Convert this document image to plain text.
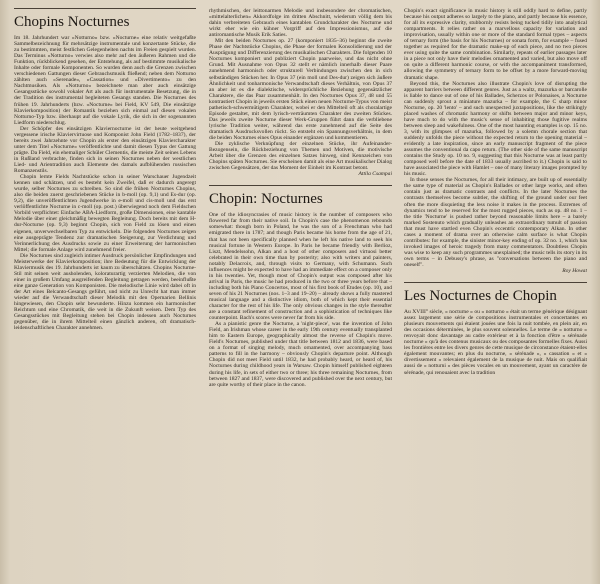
Chopins Nocturnes

Im 18. Jahrhundert war »Notturno« bzw. »Nocturne« eine relativ weitgefaßte Sammelbezeichnung für mehrsätzige instrumentale und konzertante Stücke, die zu bestimmten, meist festlichen Gelegenheiten nachts im Freien gespielt wurden. Das Terminus »Notturno« verwies also mehr auf den äußeren Rahmen und die Funktion, rückblickend gesehen, der Entstehung, als auf bestimmte musikalische Inhalte oder formale Komponenten. So wurden denn auch die Grenzen zwischen verschiedenen Gattungen dieser Gebrauchsmusik fließend; neben dem Notturno zählten auch »Serenade«, »Cassation« und »Divertimento« zu den Nachtmusiken. Als »Notturno« bezeichnete man aber auch einsätzige Gesangsstücke sowohl vokaler Art als auch für instrumentale Besetzung, die in der Tradition des instrumental begleiteten Gesangs standen. Die Nocturnes des frühen 19. Jahrhunderts (bzw. »Nocturne« bei Field, KV 549, Die einsätzige Klavierkomposition) der Romantik beziehen sich einmal auf diesen vokalen Notturno-Typ bzw. überhaupt auf die vokale Lyrik, die sich in der sogenannten Liedform niederschlug.

Der Schöpfer des einsätzigen Klaviernocturne ist der heute weitgehend vergessene irische Klaviervirtuose und Komponist John Field (1782–1837), der bereits zwei Jahrzehnte vor Chopin als erster den einsätzigen Klaviercharakter unter dem Titel »Nocturne« veröffentlichte und damit diesen Typus der Gattung prägte. Da Field, ein ehemaliger Schüler Clementis, die meiste Zeit seines Lebens in Rußland verbrachte, finden sich in seinen Nocturnes neben der westlichen Lied- und Arientradition auch Elemente des damals aufblühenden russischen Romanzenstils.

Chopin lernte Fields Nachtstücke schon in seiner Warschauer Jugendzeit kennen und schätzen, und es besteht kein Zweifel, daß er dadurch angeregt wurde, selber Nocturnes zu schreiben. So sind die frühen Nocturnes Chopins, also die beiden zuerst geschriebenen Stücke in b-moll (op. 9,1) und Es-dur (op. 9,2), die unveröffentlichten Jugendwerke in e-moll und cis-moll und das erst verlöffentlichte Nocturne in c-moll (op. post.) überwiegend noch dem Fieldschen Vorbild verpflichtet: Einfache ABA-Liedform, große Dimensionen, eine kantable Melodie über einer gleichmäßig bewegten Begleitung. Doch bereits mit dem H-dur-Nocturne (op. 9,3) beginnt Chopin, sich von Field zu lösen und einen eigenen, unverwechselbaren Typ zu entwickeln. Die folgenden Nocturnes zeigen eine ausgeprägte Tendenz zur dramatischen Steigerung, zur Verdichtung und Verinnerlichung des Ausdrucks sowie zu einer Erweiterung der harmonischen Mittel; die formale Anlage wird zunehmend freier.

Die Nocturnes sind zugleich intimer Ausdruck persönlicher Empfindungen und Meisterwerke der Klavierkomposition; ihre Bedeutung für die Entwicklung der Klaviermusik des 19. Jahrhunderts ist kaum zu überschätzen. Chopins Nocturne-Stil mit seinen weit ausholenden, koloraturartig verzierten Melodien, die von einer in großem Umfang ausgreifenden Begleitung getragen werden, beeinflußte eine ganze Generation von Komponisten. Die melodische Linie wird dabei oft in der Art eines Belcanto-Gesangs geführt, und nicht zu Unrecht hat man immer wieder auf die Verwandtschaft dieser Melodik mit den Opernarien Bellinis hingewiesen, den Chopin sehr bewunderte. Hinzu kommen ein harmonischer Reichtum und eine Chromatik, die weit in die Zukunft weisen. Dem Typ des Gesangsstückes mit Begleitung stehen bei Chopin indessen auch Nocturnes gegenüber, die in ihrem Mittelteil einen gänzlich anderen, oft dramatisch-leidenschaftlichen Charakter annehmen.

rhythmischen, der leittonarmen Melodie und insbesondere der chromatischen, »mittelalterlichen« Akkordfolge im dritten Abschnitt, wiederum völlig dem bis dahin verbreiteten Gebrauch eines kantablen Grundcharakter des Nocturne und wirkt eher wie ein kühner Vorgriff auf den Impressionismus, auf die antiromantische Musik Erik Saties.

Mit den beiden Nocturnes op. 27 (komponiert 1835–36) beginnt die zweite Phase der Nachtstücke Chopins, die Phase der formalen Konsolidierung und der Ausprägung und Differenzierung des musikalischen Charakters. Die folgenden 10 Nocturnes komponiert und publiziert Chopin paarweise, und das nicht ohne Grund. Mit Ausnahme von Opus 32 stellt er nämlich innerhalb dieser Paare zunehmend harmonisch oder strukturell Verbindungen zwischen den in sich selbständigen Stücken her. In Opus 37 (ein moll und Des-dur) zeigen sich äußere Ähnlichkeit und tonharmonische Verwandtschaft dieses Verhältnis, von Opus 37 an aber ist es die dialektische, widersprüchliche Beziehung gegensätzlicher Charaktere, die das Paar zusammenhält. In den Nocturnes Opus 37, 48 und 55 kontrastiert Chopin in jeweils ersten Stück einen neuen Nocturne-Typus von meist pathetisch-schwermütigem Charakter, wobei er den Mittelteil oft als choralartige Episode gestaltet, mit dem lyrisch-verträumten Charakter des zweiten Stückes. Das jeweils zweite Nocturne dieser Werk-Gruppen führt dann die verbliebene lyrische Tradition weiter, während das erste zunehmend auf die Seite des dramatisch Ausdrucksvollen rückt. So entsteht ein Spannungsverhältnis, in dem die beiden Nocturnes eines Opus einander ergänzen und kommentieren.

Die zyklische Verknüpfung der einzelnen Stücke, ihr Aufeinander-Bezogensein, die Rückbeziehung von Themen und Motiven, die motivische Arbeit über die Grenzen des einzelnen Satzes hinweg, sind Kennzeichen von Chopins späten Nocturnes. Sie erscheinen damit als eine Art musikalischer Dialog zwischen Gegensätzen, der das Moment der Einheit im Kontrast betont.

Attila Csampai
Chopin: Nocturnes

One of the idiosyncrasies of music history is the number of composers who flowered far from their native soil. In Chopin's case the phenomenon rebounds somewhat: though born in Poland, he was the son of a Frenchman who had emigrated there in 1787; and though Paris became his home from the age of 21, that has not been specifically planned when he left his native land to seek his musical fortune in Western Europe. In Paris he became friendly with Berlioz, Liszt, Mendelssohn, Alkan and a host of other composers and virtuosi better celebrated in their own time than by posterity; also with writers and painters, notably Delacroix, and, through visits to Germany, with Schumann. Such influences might be expected to have had an immediate effect on a composer only in his twenties. Yet, though most of Chopin's output was composed after his arrival in Paris, the music he had produced in the two or three years before that – including both his Piano Concertos, most of his first book of Etudes (op. 10), and seven of his 21 Nocturnes (nos. 1–3 and 19–20) – already shows a fully mastered musical language and a distinctive idiom, both of which kept their essential character for the rest of his life. The only obvious changes in the style thereafter are a constant refinement of construction and a sophistication of techniques like counterpoint. Bach's scores were never far from his side.

As a pianistic genre the Nocturne, a 'night-piece', was the invention of John Field, an Irishman whose career in the early 19th century eventually transplanted him to Eastern Europe, geographically almost the reverse of Chopin's move. Field's Nocturnes, published under that title between 1812 and 1836, were based on a format of singing melody, much ornamented, over accompanying bass patterns to fill in the harmony – obviously Chopin's departure point. Although Chopin did not meet Field until 1832, he had probably heard, or heard of, his Nocturnes during childhood years in Warsaw. Chopin himself published eighteen during his life, in sets of either two or three; his three remaining Nocturnes, from between 1827 and 1837, were discovered and published over the next century, but are quite worthy of their place in the canon.

Chopin's exact significance in music history is still oddly hard to define, partly because his output adheres so largely to the piano, and partly because his essence, for all its expressive clarity, stubbornly resists being tucked tidily into analytical compartments. It relies rather on a marvellous capacity for variation and improvisation, usually within one or more of the standard formal types – aspects of ternary form (the basis for his Nocturnes) or sonata form, for example – fused together as required for the dramatic make-up of each piece, and no two pieces ever using quite the same combination. Similarly, repeats of earlier passages later in a piece not only have their melodies ornamented and varied, but also move off on quite a different harmonic course, or with the accompaniment transformed, allowing the symmetry of ternary form to be offset by a more forward-moving dramatic shape.

Beyond this, the Nocturnes also illustrate Chopin's love of disrupting the apparent barriers between different genres. Just as a waltz, mazurka or barcarolle is liable to dance out of one of his Ballades, Scherzos or Polonaises, a Nocturne can suddenly sprout a miniature mazurka – for example, the C sharp minor Nocturne, op. 20 'lento' – and such unexpected juxtapositions, like the strikingly placed washes of chromatic harmony or shifts between major and minor keys, have much to do with the music's sense of inhabiting those fugitive realms between sleep and wakefulness. One of the most haunting examples is op. 15 no. 3, with its glimpses of mazurka, followed by a solemn chorale section that suddenly unfolds the piece without the expected return to the opening material – evidently a late inspiration, since an early manuscript fragment of the piece assumes the conventional da capo return. (The other side of the same manuscript contains the Study op. 10 no. 9, suggesting that this Nocturne was at least partly composed well before the date of 1833 usually ascribed to it.) Chopin is said to have associated the piece with Hamlet – one of many literary images prompted by his music.

In those senses the Nocturnes, for all their intimacy, are built up of essentially the same type of material as Chopin's Ballades or other large works, and often contain just as dramatic contrasts and conflicts. In the later Nocturnes the contrasts themselves become subtler, the shifting of the ground under our feet often the more disquieting the less noise it makes in the process. Extremes of dynamics tend to be reserved for the most rugged pieces, such as op. 48 no. 1 – the title 'Nocturne' is pushed rather beyond reasonable limits here – a barely marked Sostenuto which gradually unleashes an extraordinary tumult of passion that must have startled even Chopin's eccentric contemporary Alkan. In other cases a moment of drama over an otherwise calm surface is what Chopin contributes: for example, the sinister minor-key ending of op. 32 no. 1, which has invoked images of heroic tragedy from many commentators. Doubtless Chopin was wise to keep any such programmes unexplained; the music tells its story in its own terms – in Debussy's phrase, as "conversations between the piano and oneself".

Roy Howat
Les Nocturnes de Chopin

Au XVIII° siècle, « nocturne » ou « notturno » était un terme générique désignant assez largement une série de compositions instrumentales et concertantes en plusieurs mouvements qui étaient jouées une fois la nuit tombée, en plein air, en des occasions déterminées, le plus souvent solennelles. Le terme de « notturno » renvoyait donc davantage au cadre extérieur et à la fonction d'être « sérénade nocturne » qu'à des contenus musicaux ou des composantes formelles fixes. Aussi les frontières entre les divers genres de cette musique de circonstance étaient-elles également mouvantes; en plus du nocturne, « sérénade », « cassation » et « divertissement » relevaient également de la musique de nuit. Mais on qualifiait aussi de « notturni » des pièces vocales en un mouvement, ayant un caractère de sérénade, qui renouaient avec la tradition
